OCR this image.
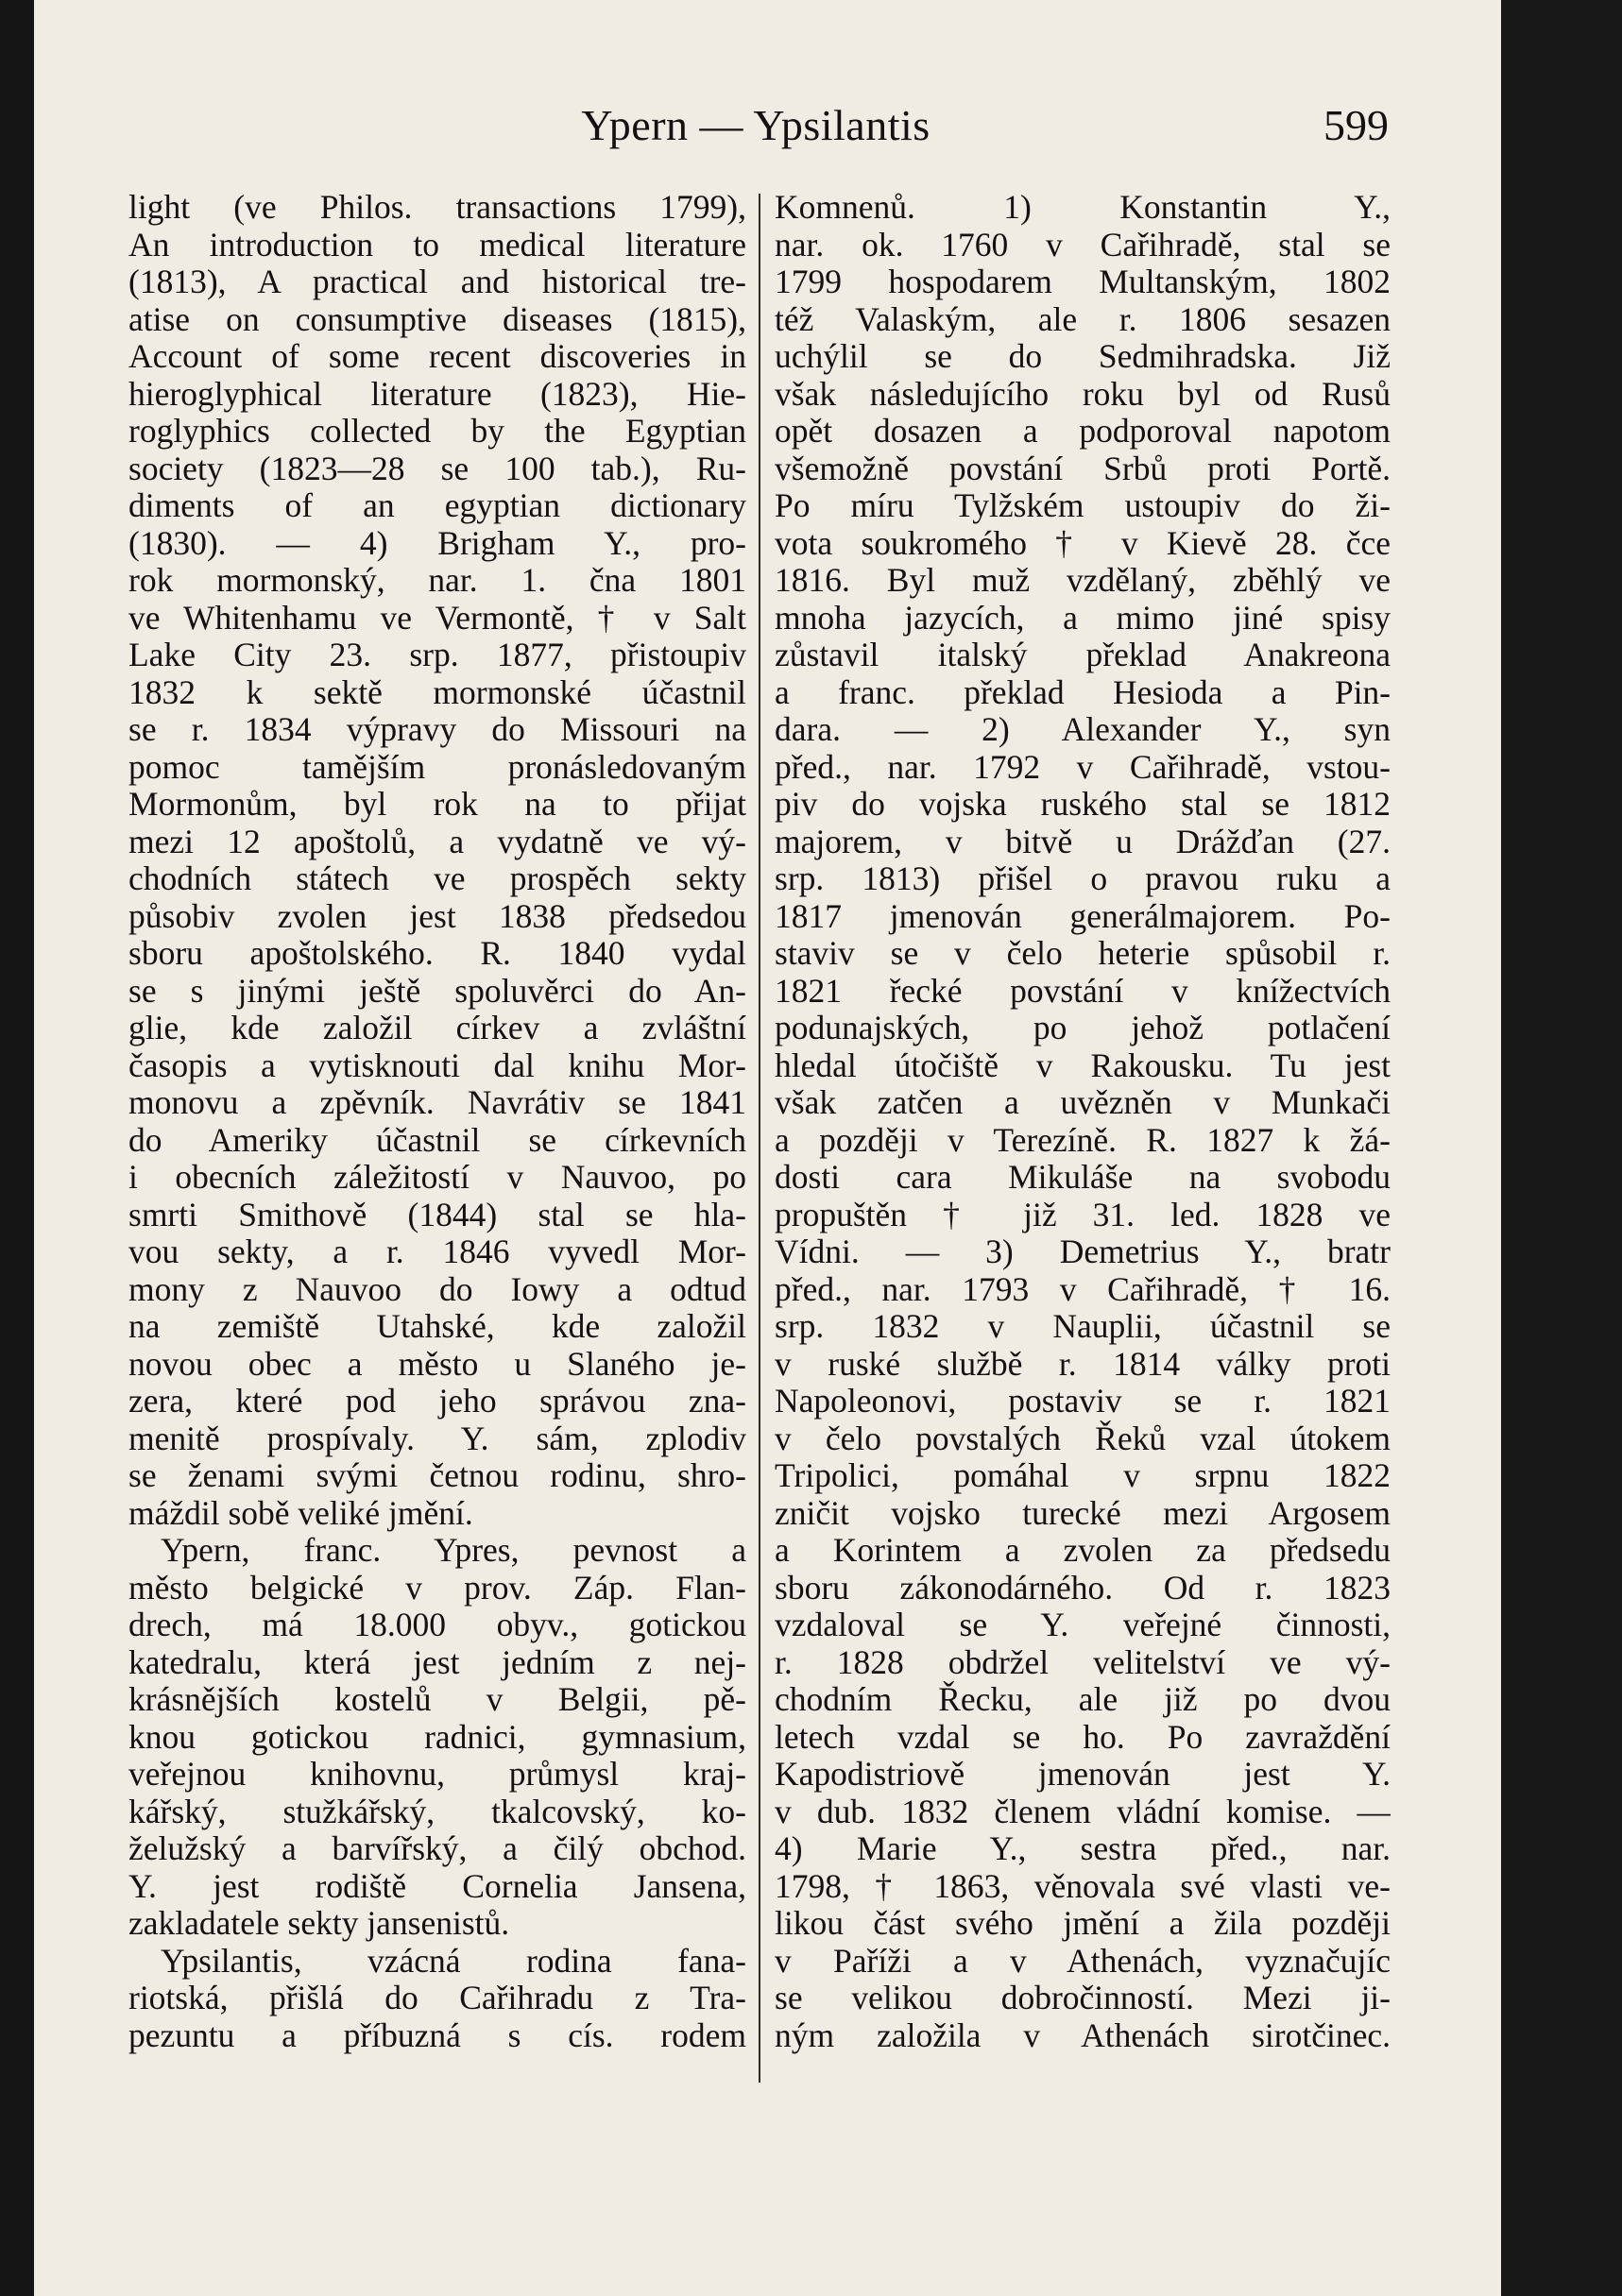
Ypern — Ypsilantis	599
light (ve Philos. transactions 1799),
An introduction to medical literature
(1813), A practical and historical tre-
atise on consumptive diseases (1815),
Account of some recent discoveries in
hieroglyphical literature (1823), Hie-
roglyphics collected by the Egyptian
society (1823—28 se 100 tab.), Ru-
diments of an egyptian dictionary
(1830). — 4) Brigham Y., pro-
rok mormonský, nar. 1. čna 1801
ve Whitenhamu ve Vermontě, † v Salt
Lake City 23. srp. 1877, přistoupiv
1832 k sektě mormonské účastnil
se r. 1834 výpravy do Missouri na
pomoc tamějším pronásledovaným
Mormonům, byl rok na to přijat
mezi 12 apoštolů, a vydatně ve vý-
chodních státech ve prospěch sekty
působiv zvolen jest 1838 předsedou
sboru apoštolského. R. 1840 vydal
se s jinými ještě spoluvěrci do An-
glie, kde založil církev a zvláštní
časopis a vytisknouti dal knihu Mor-
monovu a zpěvník. Navrátiv se 1841
do Ameriky účastnil se církevních
i obecních záležitostí v Nauvoo, po
smrti Smithově (1844) stal se hla-
vou sekty, a r. 1846 vyvedl Mor-
mony z Nauvoo do Iowy a odtud
na zemiště Utahské, kde založil
novou obec a město u Slaného je-
zera, které pod jeho správou zna-
menitě prospívaly. Y. sám, zplodiv
se ženami svými četnou rodinu, shro-
máždil sobě veliké jmění.
Ypern, franc. Ypres, pevnost a
město belgické v prov. Záp. Flan-
drech, má 18.000 obyv., gotickou
katedralu, která jest jedním z nej-
krásnějších kostelů v Belgii, pě-
knou gotickou radnici, gymnasium,
veřejnou knihovnu, průmysl kraj-
kářský, stužkářský, tkalcovský, ko-
želužský a barvířský, a čilý obchod.
Y. jest rodiště Cornelia Jansena,
zakladatele sekty jansenistů.
Ypsilantis, vzácná rodina fana-
riotská, přišlá do Cařihradu z Tra-
pezuntu a příbuzná s cís. rodem
Komnenů. 1) Konstantin Y.,
nar. ok. 1760 v Cařihradě, stal se
1799 hospodarem Multanským, 1802
též Valaským, ale r. 1806 sesazen
uchýlil se do Sedmihradska. Již
však následujícího roku byl od Rusů
opět dosazen a podporoval napotom
všemožně povstání Srbů proti Portě.
Po míru Tylžském ustoupiv do ži-
vota soukromého † v Kievě 28. čce
1816. Byl muž vzdělaný, zběhlý ve
mnoha jazycích, a mimo jiné spisy
zůstavil italský překlad Anakreona
a franc. překlad Hesioda a Pin-
dara. — 2) Alexander Y., syn
před., nar. 1792 v Cařihradě, vstou-
piv do vojska ruského stal se 1812
majorem, v bitvě u Drážďan (27.
srp. 1813) přišel o pravou ruku a
1817 jmenován generálmajorem. Po-
staviv se v čelo heterie spůsobil r.
1821 řecké povstání v knížectvích
podunajských, po jehož potlačení
hledal útočiště v Rakousku. Tu jest
však zatčen a uvězněn v Munkači
a později v Terezíně. R. 1827 k žá-
dosti cara Mikuláše na svobodu
propuštěn † již 31. led. 1828 ve
Vídni. — 3) Demetrius Y., bratr
před., nar. 1793 v Cařihradě, † 16.
srp. 1832 v Nauplii, účastnil se
v ruské službě r. 1814 války proti
Napoleonovi, postaviv se r. 1821
v čelo povstalých Řeků vzal útokem
Tripolici, pomáhal v srpnu 1822
zničit vojsko turecké mezi Argosem
a Korintem a zvolen za předsedu
sboru zákonodárného. Od r. 1823
vzdaloval se Y. veřejné činnosti,
r. 1828 obdržel velitelství ve vý-
chodním Řecku, ale již po dvou
letech vzdal se ho. Po zavraždění
Kapodistriově jmenován jest Y.
v dub. 1832 členem vládní komise. —
4) Marie Y., sestra před., nar.
1798, † 1863, věnovala své vlasti ve-
likou část svého jmění a žila později
v Paříži a v Athenách, vyznačujíc
se velikou dobročinností. Mezi ji-
ným založila v Athenách sirotčinec.
